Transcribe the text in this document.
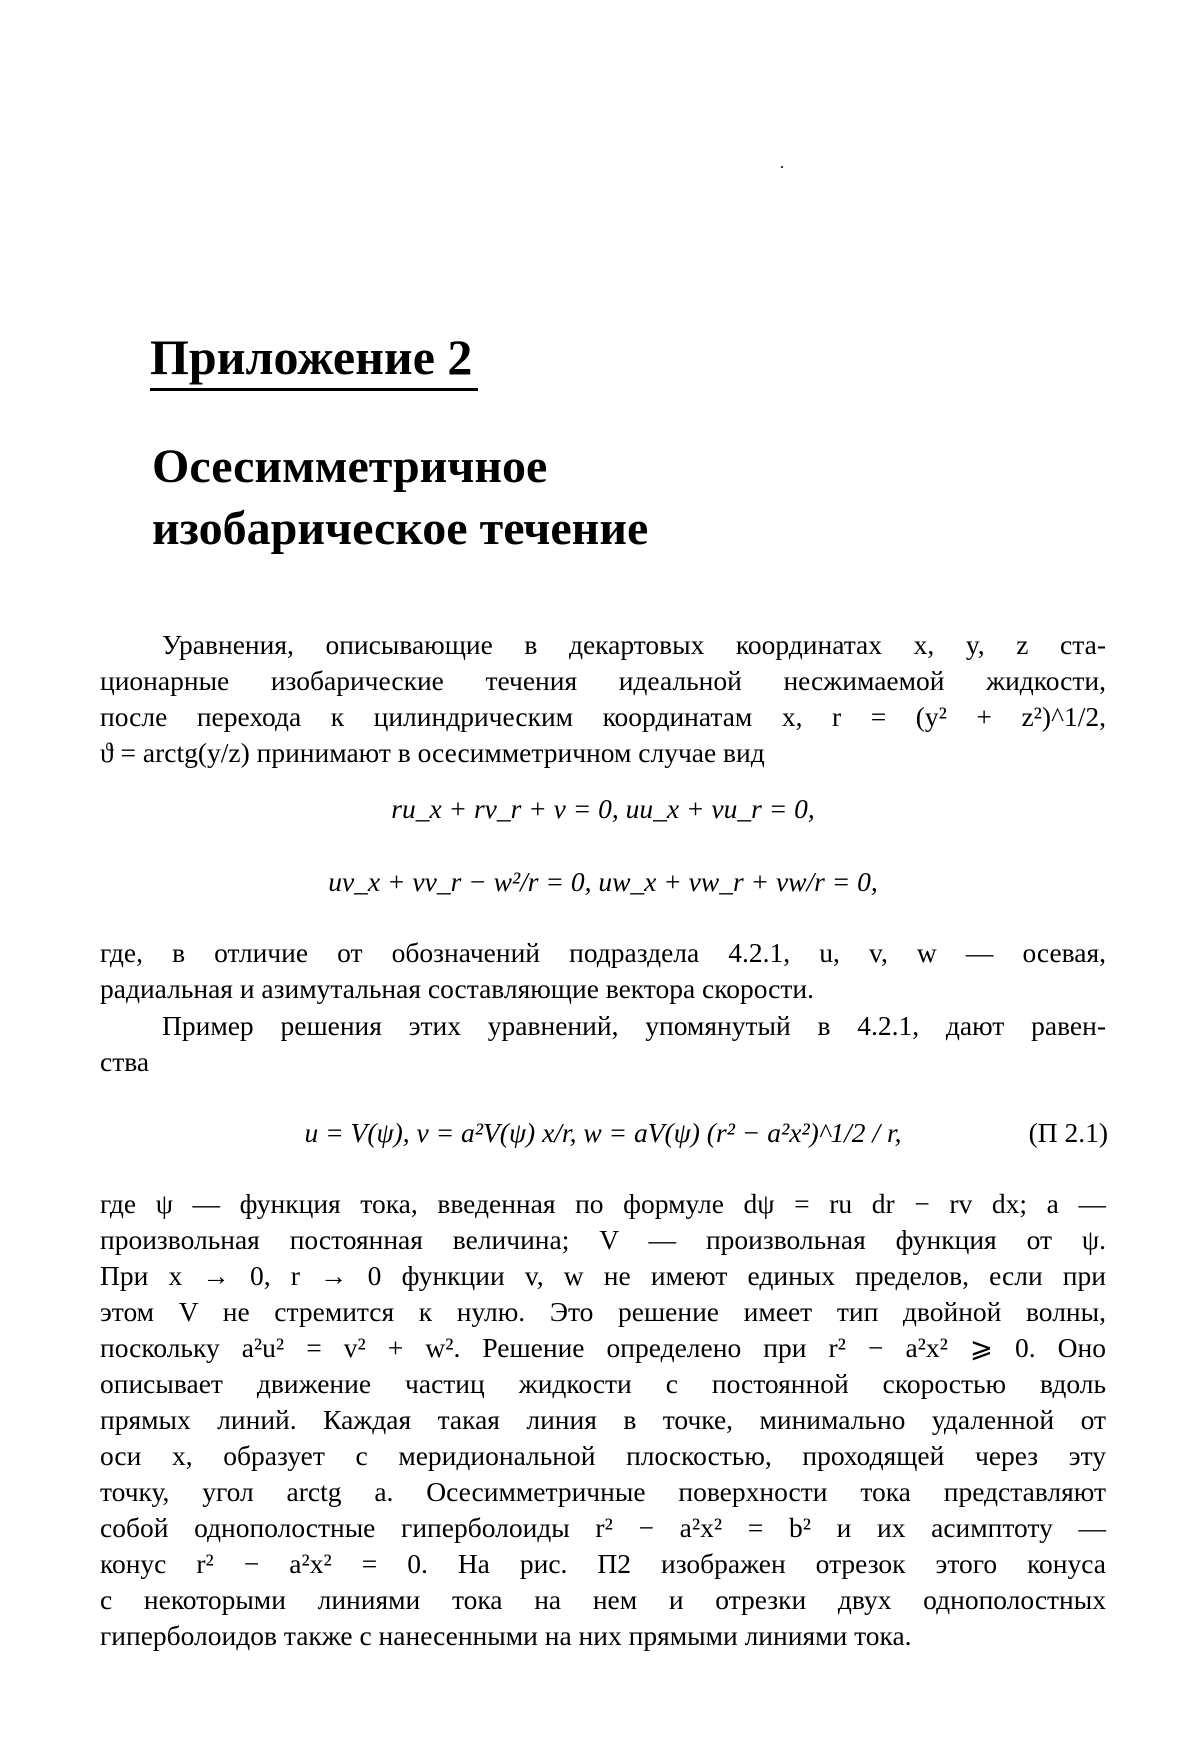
Приложение 2
Осесимметричное
изобарическое течение
Уравнения, описывающие в декартовых координатах x, y, z ста-
ционарные изобарические течения идеальной несжимаемой жидкости,
после перехода к цилиндрическим координатам x, r = (y² + z²)^1/2,
ϑ = arctg(y/z) принимают в осесимметричном случае вид
ru_x + rv_r + v = 0, uu_x + vu_r = 0,
uv_x + vv_r − w²/r = 0, uw_x + vw_r + vw/r = 0,
где, в отличие от обозначений подраздела 4.2.1, u, v, w — осевая,
радиальная и азимутальная составляющие вектора скорости.
Пример решения этих уравнений, упомянутый в 4.2.1, дают равен-
ства
u = V(ψ), v = a²V(ψ) x/r, w = aV(ψ) (r² − a²x²)^1/2 / r,	(П 2.1)
где ψ — функция тока, введенная по формуле dψ = ru dr − rv dx; a —
произвольная постоянная величина; V — произвольная функция от ψ.
При x → 0, r → 0 функции v, w не имеют единых пределов, если при
этом V не стремится к нулю. Это решение имеет тип двойной волны,
поскольку a²u² = v² + w². Решение определено при r² − a²x² ⩾ 0. Оно
описывает движение частиц жидкости с постоянной скоростью вдоль
прямых линий. Каждая такая линия в точке, минимально удаленной от
оси x, образует с меридиональной плоскостью, проходящей через эту
точку, угол arctg a. Осесимметричные поверхности тока представляют
собой однополостные гиперболоиды r² − a²x² = b² и их асимптоту —
конус r² − a²x² = 0. На рис. П2 изображен отрезок этого конуса
с некоторыми линиями тока на нем и отрезки двух однополостных
гиперболоидов также с нанесенными на них прямыми линиями тока.
